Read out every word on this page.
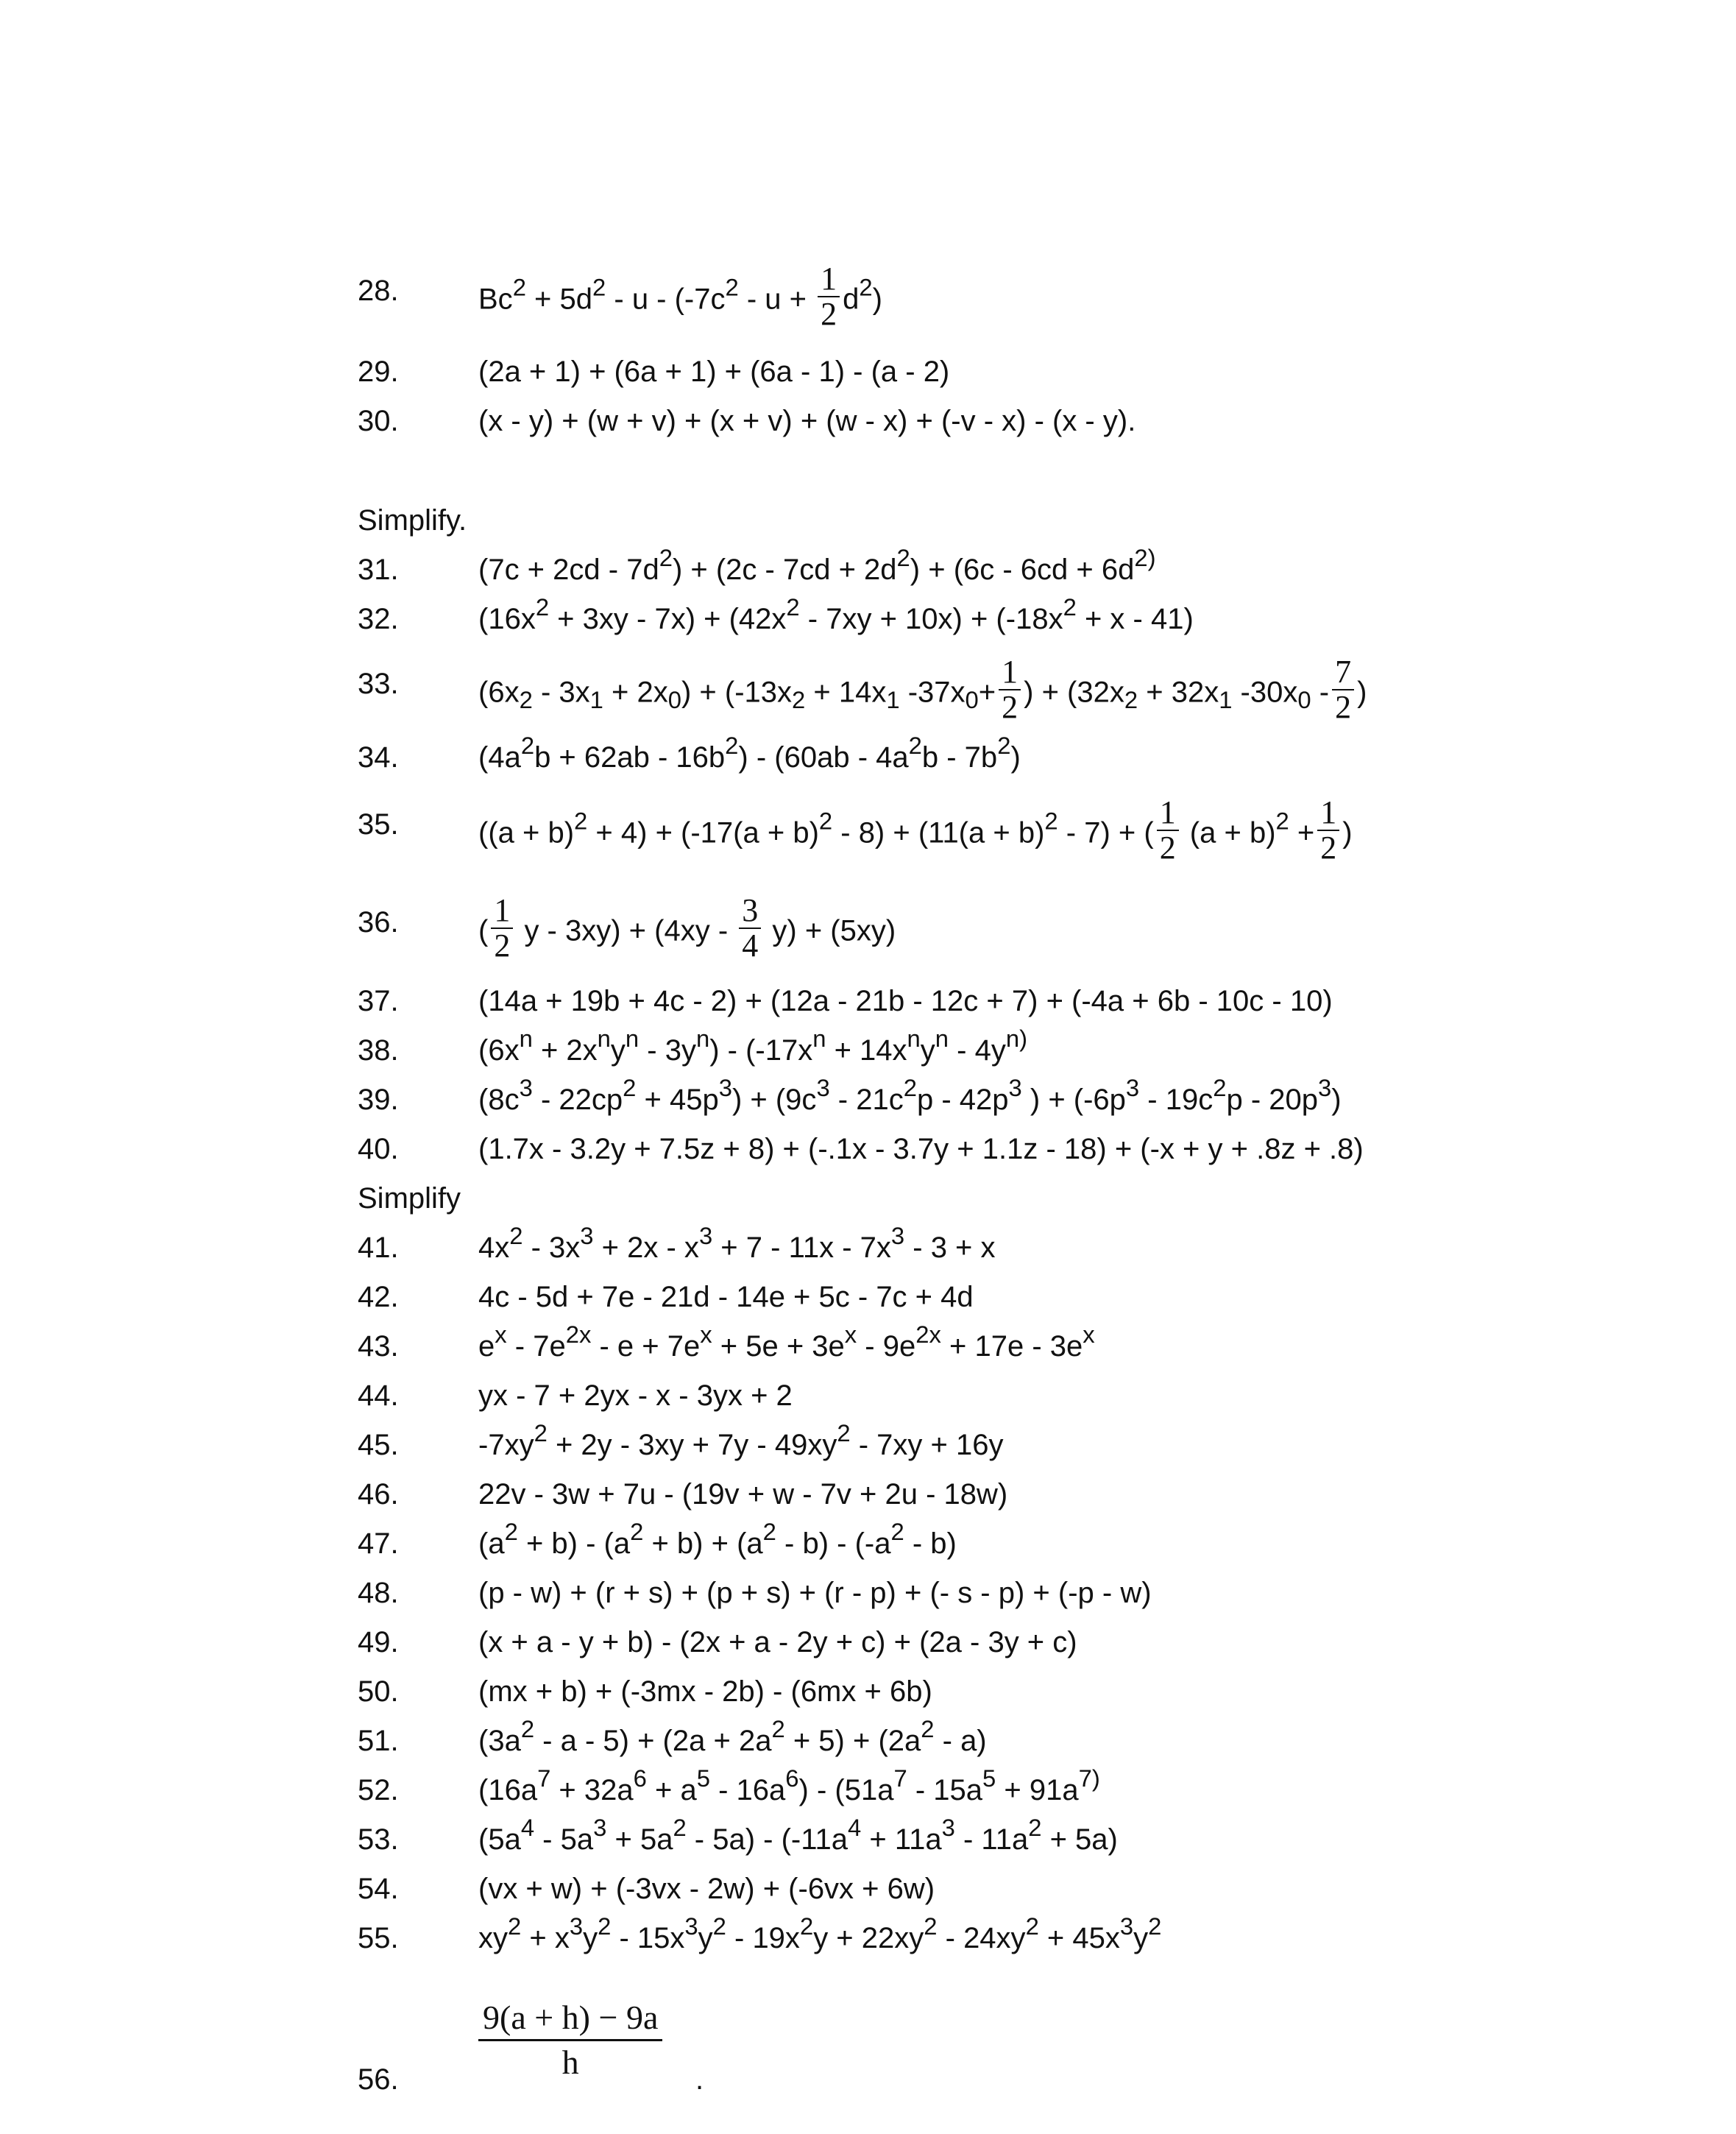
28.	$Bc^2 + 5d^2 - u - (-7c^2 - u + \frac{1}{2} d^2)$
29.	(2a + 1) + (6a + 1) + (6a - 1) - (a - 2)
30.	(x - y) + (w + v) + (x + v) + (w - x) + (-v - x) - (x - y).
Simplify.
31.	$(7c + 2cd - 7d^2) + (2c - 7cd + 2d^2) + (6c - 6cd + 6d^{2)}$
32.	$(16x^2 + 3xy - 7x) + (42x^2 - 7xy + 10x) + (-18x^2 + x - 41)$
33.	$(6x_2 - 3x_1 + 2x_0) + (-13x_2 + 14x_1$ $-37x_0+ \frac{1}{2}$ ) + ($32x_2 + 32x_1$ $-30x_0 - \frac{7}{2}$ )
34.	$(4a^2b + 62ab - 16b^2) - (60ab - 4a^2b - 7b^2)$
35.	$((a + b)^2 + 4) + (-17(a + b)^2 - 8) + (11(a + b)^2 - 7)$ + ( $\frac{1}{2} (a + b)^2 + \frac{1}{2}$ )
36.	( $\frac{1}{2}$ $y - 3xy) + (4xy - \frac{3}{4} y) + (5xy)$
37.	(14a + 19b + 4c - 2) + (12a - 21b - 12c + 7) + (-4a + 6b - 10c - 10)
38.	$(6x^n + 2x^ny^n - 3y^n) - (-17x^n + 14x^ny^n - 4y^{n)}$
39.	$(8c^3 - 22cp^2 + 45p^3) + (9c^3 - 21c^2p - 42p^3$ ) + $(-6p^3 - 19c^2p - 20p^3)$
40.	(1.7x - 3.2y + 7.5z + 8) + (-.1x - 3.7y + 1.1z - 18) + (-x + y + .8z + .8)
Simplify
41.	$4x^2 - 3x^3 + 2x - x^3 + 7 - 11x - 7x^3 - 3 + x$
42.	4c - 5d + 7e - 21d - 14e + 5c - 7c + 4d
43.	$e^x - 7e^{2x} - e + 7e^x + 5e + 3e^x - 9e^{2x} + 17e - 3e^x$
44.	yx - 7 + 2yx - x - 3yx + 2
45.	$-7xy^2 + 2y - 3xy + 7y - 49xy^2 - 7xy + 16y$
46.	22v - 3w + 7u - (19v + w - 7v + 2u - 18w)
47.	$(a^2 + b) - (a^2 + b) + (a^2 - b) - (-a^2 - b)$
48.	(p - w) + (r + s) + (p + s) + (r - p) + (- s - p) + (-p - w)
49.	(x + a - y + b) - (2x + a - 2y + c) + (2a - 3y + c)
50.	(mx + b) + (-3mx - 2b) - (6mx + 6b)
51.	$(3a^2 - a - 5) + (2a + 2a^2 + 5) + (2a^2 - a)$
52.	$(16a^7 + 32a^6 + a^5 - 16a^6) - (51a^7 - 15a^5 + 91a^{7)}$
53.	$(5a^4 - 5a^3 + 5a^2 - 5a) - (-11a^4 + 11a^3 - 11a^2 + 5a)$
54.	(vx + w) + (-3vx - 2w) + (-6vx + 6w)
55.	$xy^2 + x^3y^2 - 15x^3y^2 - 19x^2y + 22xy^2 - 24xy^2 + 45x^3y^2$
56. $\frac{9(a + h) - 9a}{h}$ .
